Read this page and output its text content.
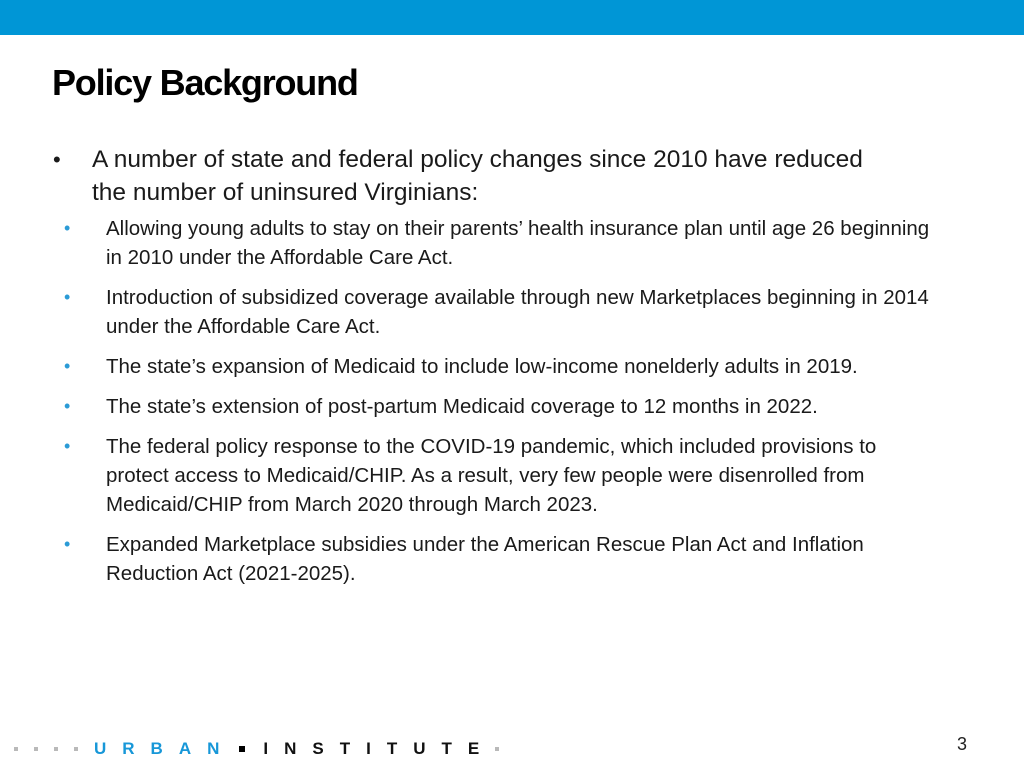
Policy Background
• A number of state and federal policy changes since 2010 have reduced the number of uninsured Virginians:
• Allowing young adults to stay on their parents’ health insurance plan until age 26 beginning in 2010 under the Affordable Care Act.
• Introduction of subsidized coverage available through new Marketplaces beginning in 2014 under the Affordable Care Act.
• The state’s expansion of Medicaid to include low-income nonelderly adults in 2019.
• The state’s extension of post-partum Medicaid coverage to 12 months in 2022.
• The federal policy response to the COVID-19 pandemic, which included provisions to protect access to Medicaid/CHIP. As a result, very few people were disenrolled from Medicaid/CHIP from March 2020 through March 2023.
• Expanded Marketplace subsidies under the American Rescue Plan Act and Inflation Reduction Act (2021-2025).
URBAN INSTITUTE	3
